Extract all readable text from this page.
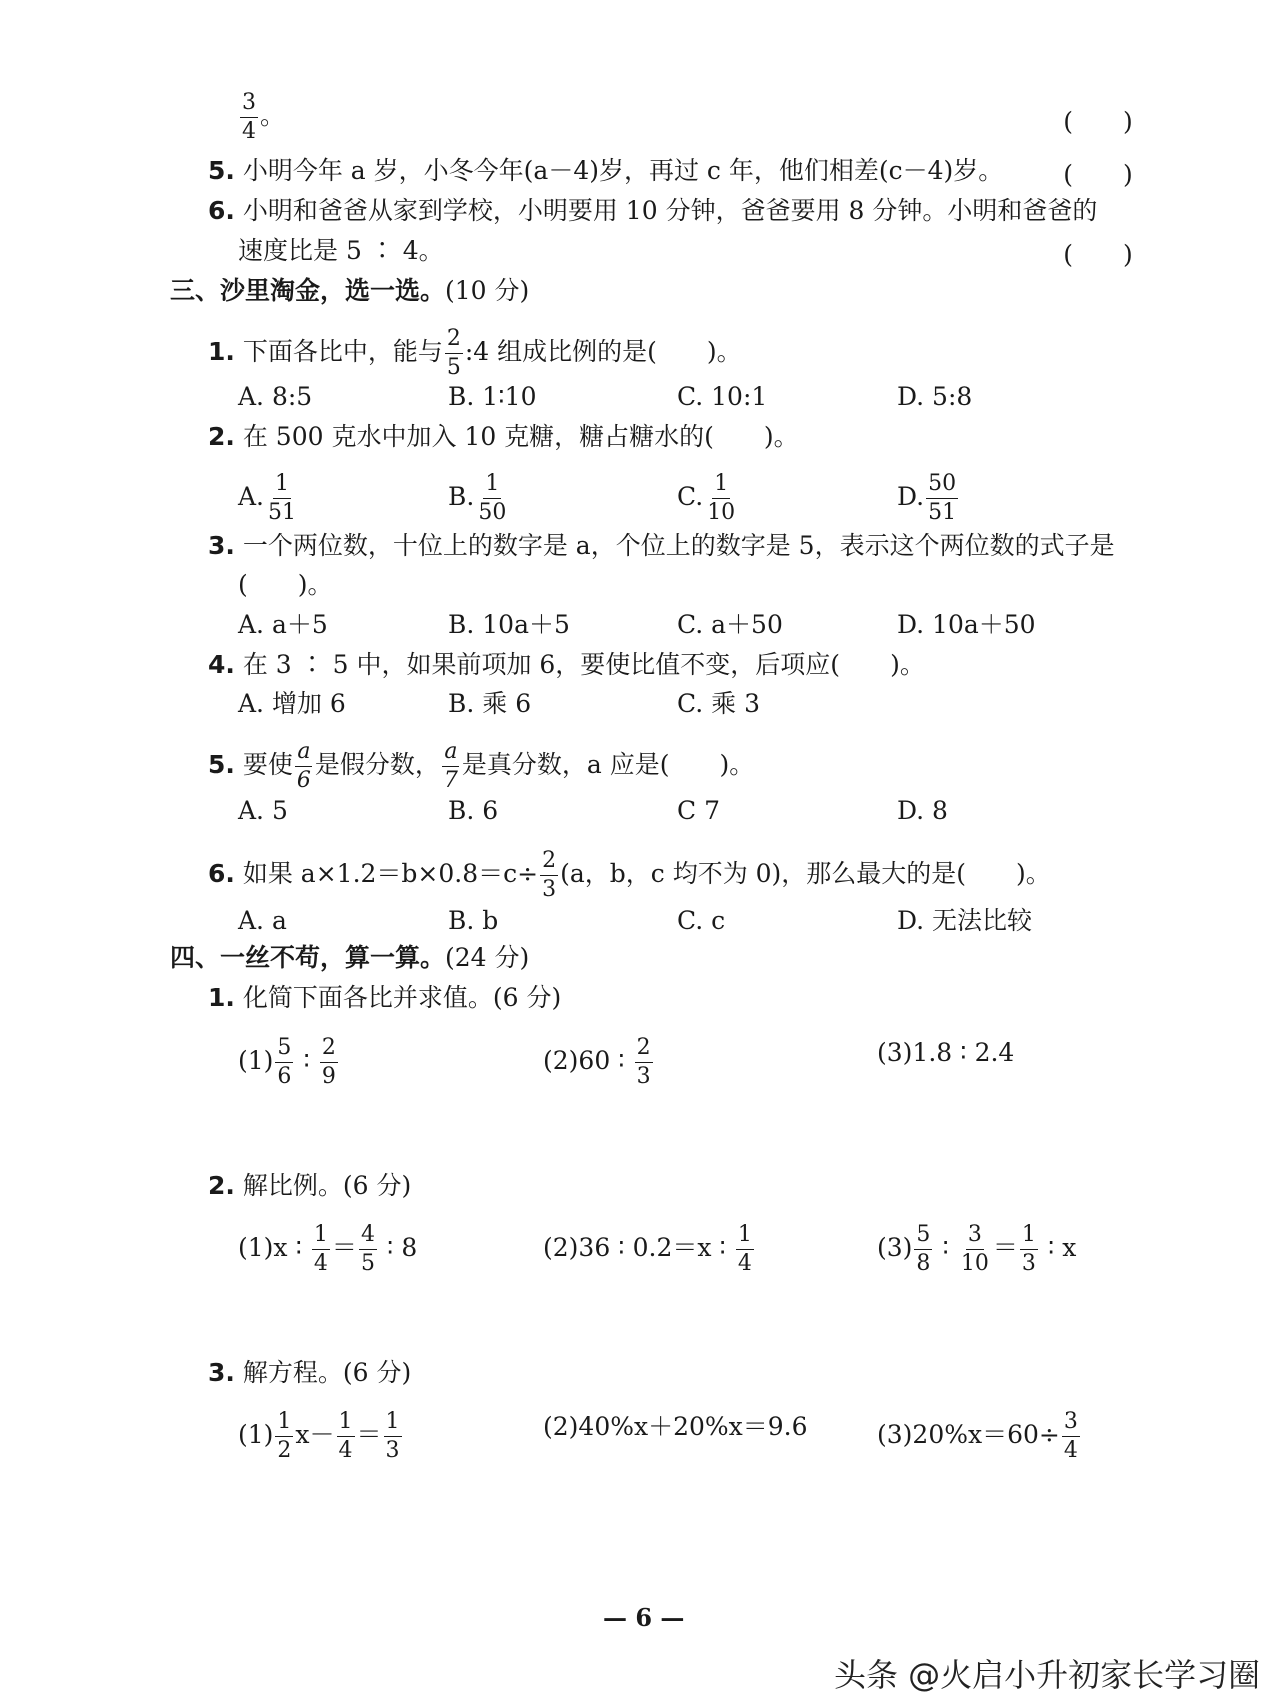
$\frac{3}{4}$ 。	(　　)
5. 小明今年 a 岁，小冬今年(a－4)岁，再过 c 年，他们相差(c－4)岁。	(　　)
6. 小明和爸爸从家到学校，小明要用 10 分钟，爸爸要用 8 分钟。小明和爸爸的
速度比是 5 ∶ 4。	(　　)
三、沙里淘金，选一选。(10 分)
1. 下面各比中，能与 $\frac{2}{5}$ :4 组成比例的是(　　)。
A. 8:5	B. 1∶10	C. 10:1	D. 5:8
2. 在 500 克水中加入 10 克糖，糖占糖水的(　　)。
A. $\frac{1}{51}$	B. $\frac{1}{50}$	C. $\frac{1}{10}$	D. $\frac{50}{51}$
3. 一个两位数，十位上的数字是 a，个位上的数字是 5，表示这个两位数的式子是
(　　)。
A. a＋5	B. 10a＋5	C. a＋50	D. 10a＋50
4. 在 3 ∶ 5 中，如果前项加 6，要使比值不变，后项应(　　)。
A. 增加 6	B. 乘 6	C. 乘 3
5. 要使 $\frac{a}{6}$ 是假分数， $\frac{a}{7}$ 是真分数，a 应是(　　)。
A. 5	B. 6	C 7	D. 8
6. 如果 $a\times 1.2=b\times 0.8=c\div \frac{2}{3} (a$，b，c 均不为 0)，那么最大的是(　　)。
A. a	B. b	C. c	D. 无法比较
四、一丝不苟，算一算。(24 分)
1. 化简下面各比并求值。(6 分)
$(1) \frac{5}{6}$ ∶ $\frac{2}{9}$	(2)60 ∶ $\frac{2}{3}$	(3)1.8 ∶ 2.4
2. 解比例。(6 分)
(1)x ∶ $\frac{1}{4} = \frac{4}{5}$ ∶ 8	(2)36 ∶ 0.2＝x ∶ $\frac{1}{4}$	$(3) \frac{5}{8}$ ∶ $\frac{3}{10} = \frac{1}{3}$ ∶ x
3. 解方程。(6 分)
$(1) \frac{1}{2} x- \frac{1}{4} = \frac{1}{3}$	(2)40%x＋20%x＝9.6	$(3)20\%x=60\div \frac{3}{4}$
— 6 —
头条 @火启小升初家长学习圈
